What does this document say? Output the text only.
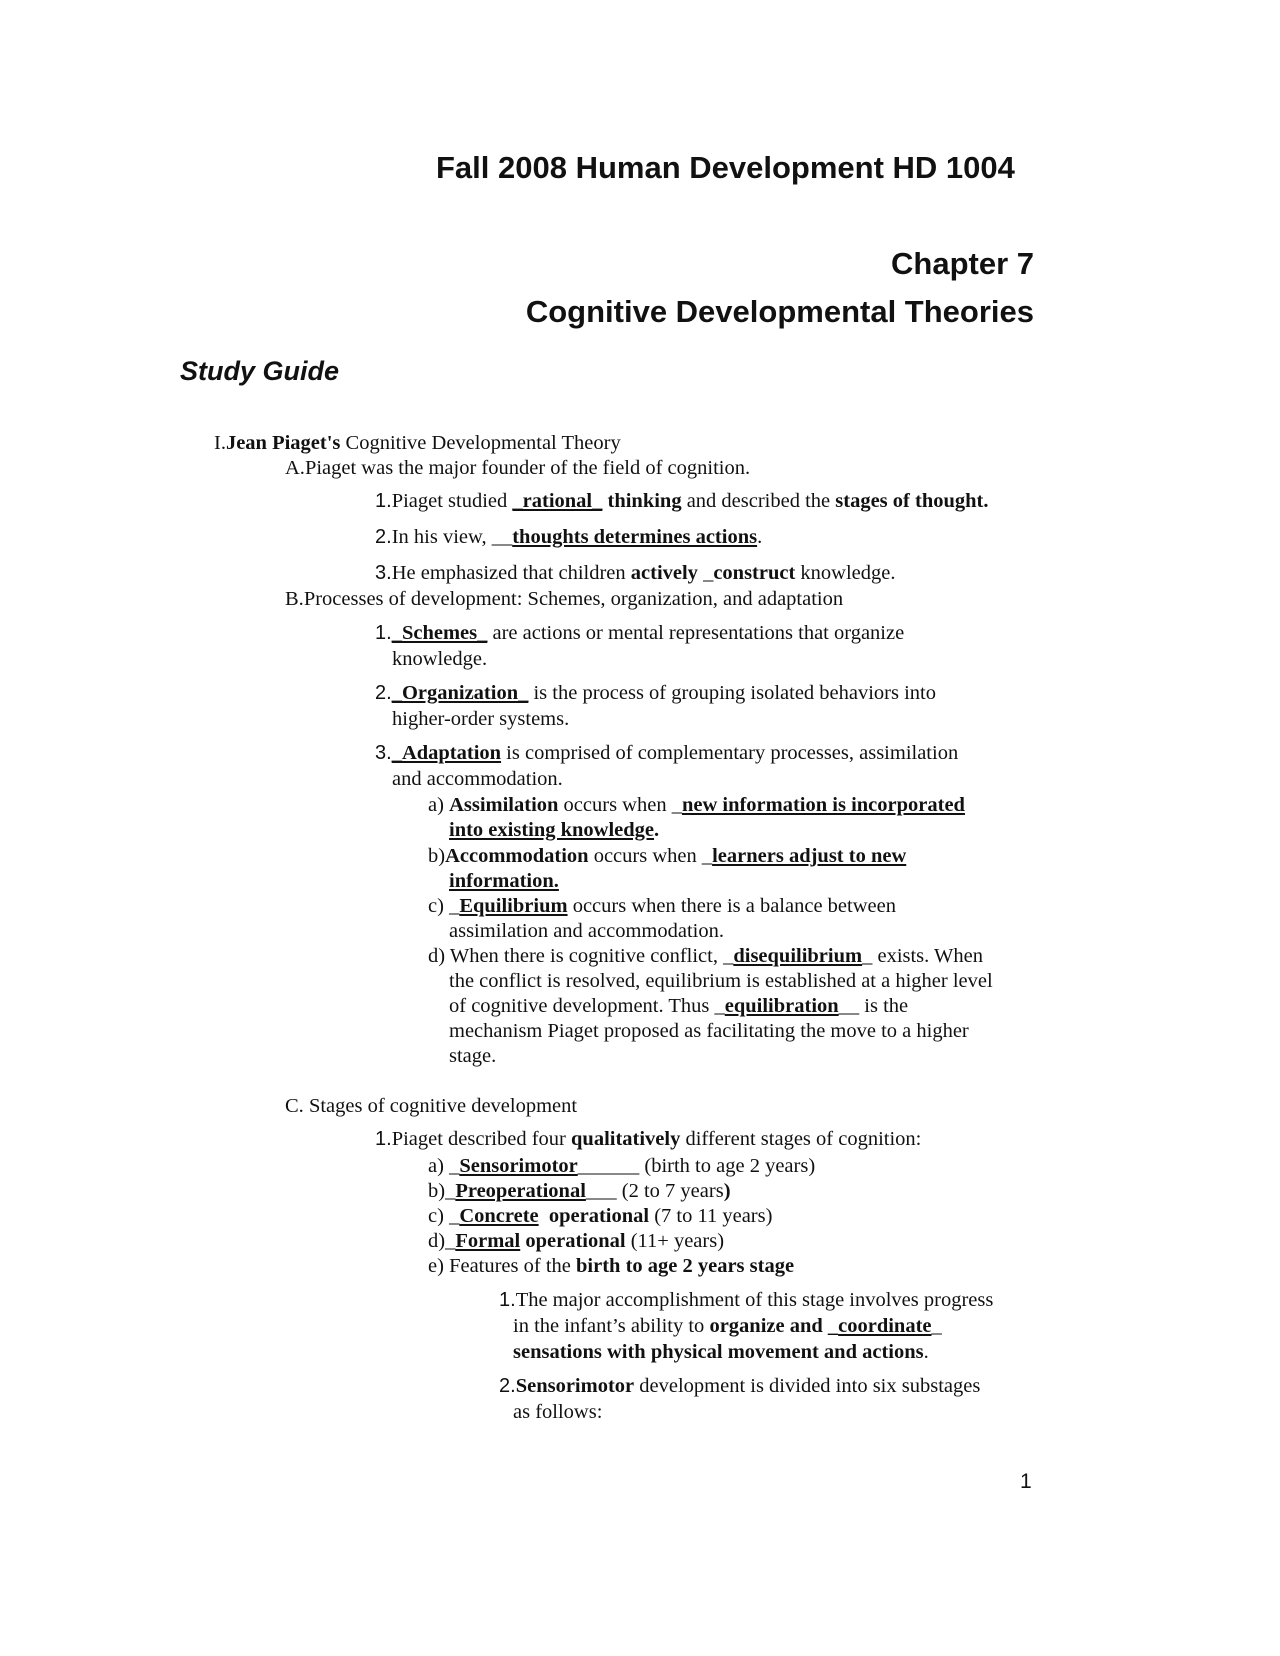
Fall 2008 Human Development HD 1004
Chapter 7
Cognitive Developmental Theories
Study Guide
I.Jean Piaget's Cognitive Developmental Theory
A.Piaget was the major founder of the field of cognition.
1.Piaget studied _rational_ thinking and described the stages of thought.
2.In his view, __thoughts determines actions.
3.He emphasized that children actively _construct knowledge.
B.Processes of development: Schemes, organization, and adaptation
1._Schemes_ are actions or mental representations that organize
knowledge.
2._Organization_ is the process of grouping isolated behaviors into
higher-order systems.
3._Adaptation is comprised of complementary processes, assimilation
and accommodation.
a) Assimilation occurs when _new information is incorporated
into existing knowledge.
b)Accommodation occurs when _learners adjust to new
information.
c) _Equilibrium occurs when there is a balance between
assimilation and accommodation.
d) When there is cognitive conflict, _disequilibrium_ exists. When
the conflict is resolved, equilibrium is established at a higher level
of cognitive development. Thus _equilibration__ is the
mechanism Piaget proposed as facilitating the move to a higher
stage.
C. Stages of cognitive development
1.Piaget described four qualitatively different stages of cognition:
a) _Sensorimotor______ (birth to age 2 years)
b)_Preoperational___ (2 to 7 years)
c) _Concrete operational (7 to 11 years)
d)_Formal operational (11+ years)
e) Features of the birth to age 2 years stage
1.The major accomplishment of this stage involves progress
in the infant’s ability to organize and _coordinate_
sensations with physical movement and actions.
2.Sensorimotor development is divided into six substages
as follows:
1
